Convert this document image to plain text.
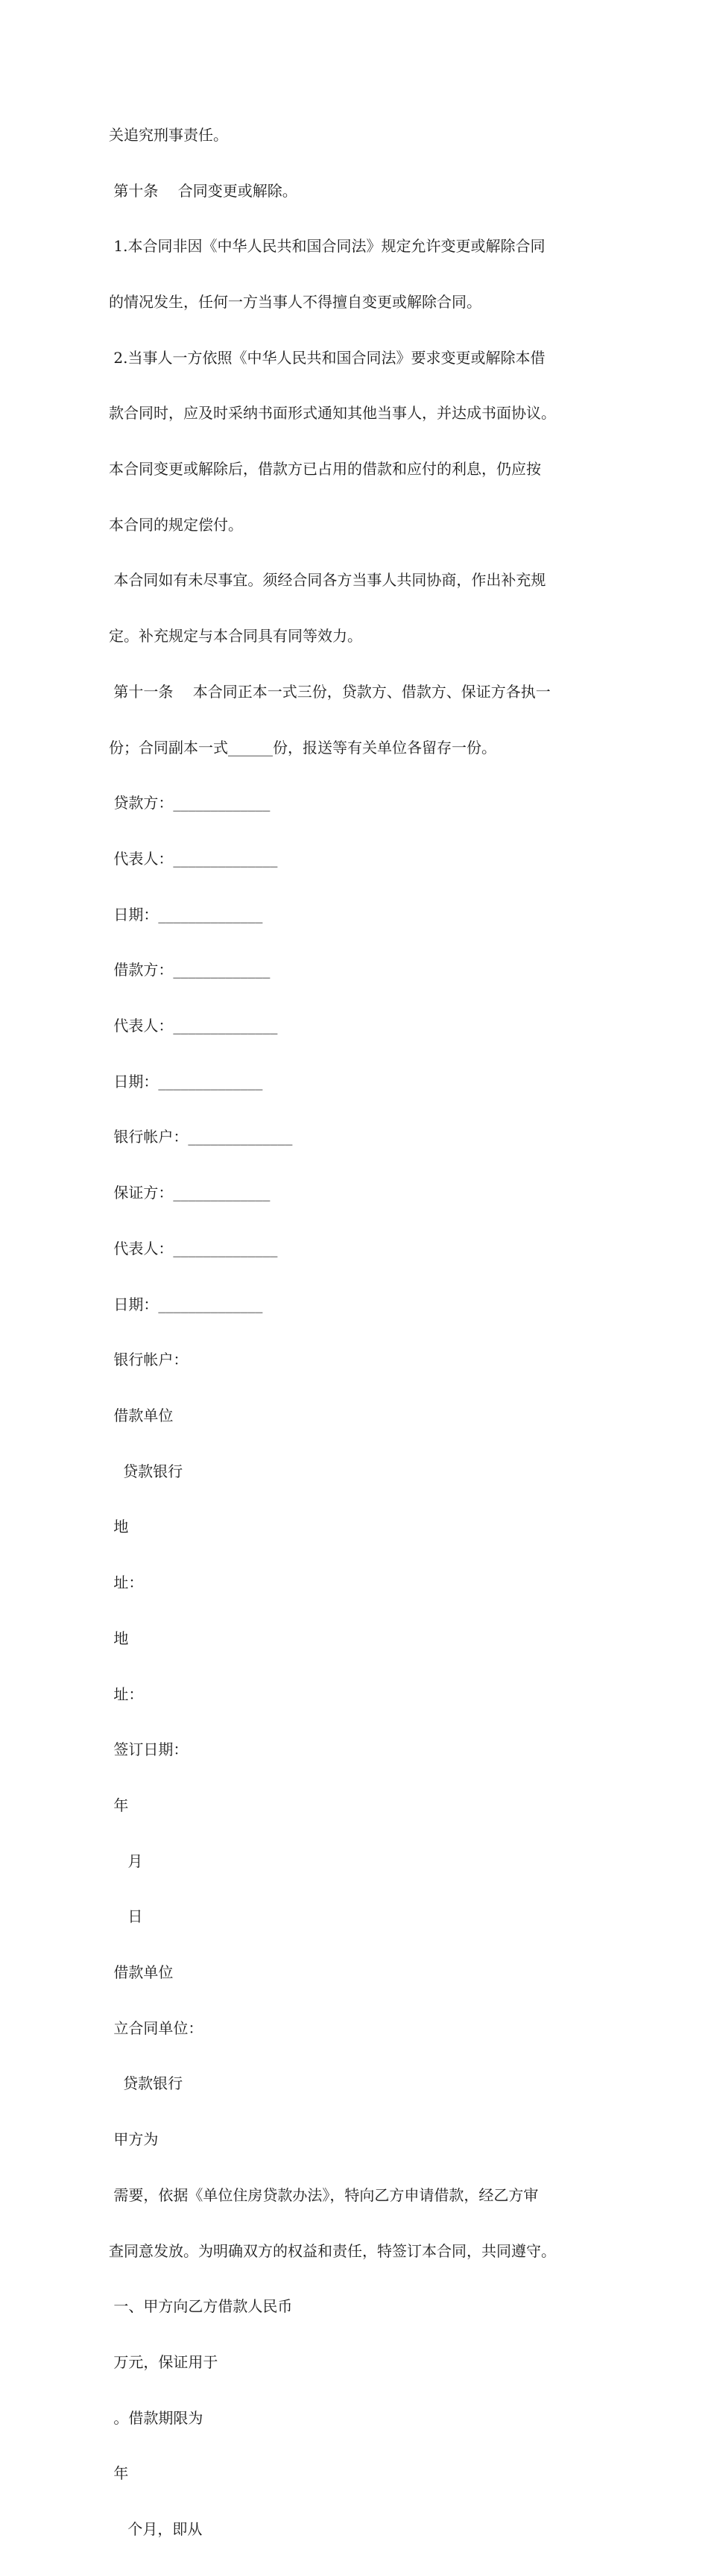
关追究刑事责任。

第十条　 合同变更或解除。

1.本合同非因《中华人民共和国合同法》规定允许变更或解除合同

的情况发生，任何一方当事人不得擅自变更或解除合同。

2.当事人一方依照《中华人民共和国合同法》要求变更或解除本借

款合同时，应及时采纳书面形式通知其他当事人，并达成书面协议。

本合同变更或解除后，借款方已占用的借款和应付的利息，仍应按

本合同的规定偿付。

本合同如有未尽事宜。须经合同各方当事人共同协商，作出补充规

定。补充规定与本合同具有同等效力。

第十一条　 本合同正本一式三份，贷款方、借款方、保证方各执一

份；合同副本一式______份，报送等有关单位各留存一份。

贷款方：_____________

代表人：______________

日期：______________

借款方：_____________

代表人：______________

日期：______________

银行帐户：______________

保证方：_____________

代表人：______________

日期：______________

银行帐户：

借款单位

贷款银行

地

址：

地

址：

签订日期：

年

月

日

借款单位

立合同单位：

贷款银行

甲方为

需要，依据《单位住房贷款办法》，特向乙方申请借款，经乙方审

查同意发放。为明确双方的权益和责任，特签订本合同，共同遵守。

一、甲方向乙方借款人民币

万元，保证用于

。借款期限为

年

个月，即从
